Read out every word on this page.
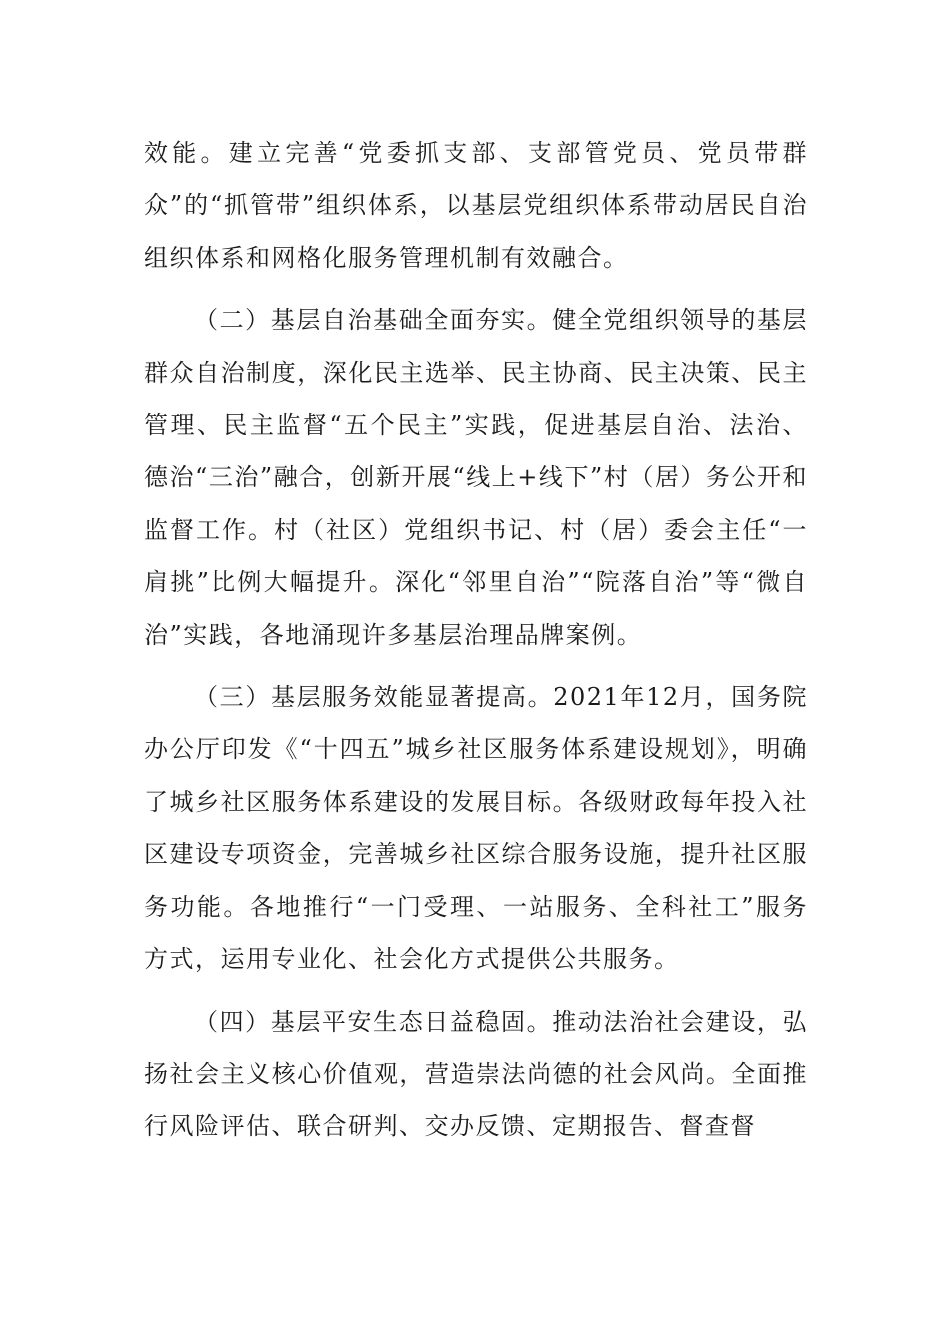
效能。建立完善“党委抓支部、支部管党员、党员带群众”的“抓管带”组织体系，以基层党组织体系带动居民自治组织体系和网格化服务管理机制有效融合。

（二）基层自治基础全面夯实。健全党组织领导的基层群众自治制度，深化民主选举、民主协商、民主决策、民主管理、民主监督“五个民主”实践，促进基层自治、法治、德治“三治”融合，创新开展“线上+线下”村（居）务公开和监督工作。村（社区）党组织书记、村（居）委会主任“一肩挑”比例大幅提升。深化“邻里自治”“院落自治”等“微自治”实践，各地涌现许多基层治理品牌案例。

（三）基层服务效能显著提高。2021年12月，国务院办公厅印发《“十四五”城乡社区服务体系建设规划》，明确了城乡社区服务体系建设的发展目标。各级财政每年投入社区建设专项资金，完善城乡社区综合服务设施，提升社区服务功能。各地推行“一门受理、一站服务、全科社工”服务方式，运用专业化、社会化方式提供公共服务。

（四）基层平安生态日益稳固。推动法治社会建设，弘扬社会主义核心价值观，营造崇法尚德的社会风尚。全面推行风险评估、联合研判、交办反馈、定期报告、督查督
